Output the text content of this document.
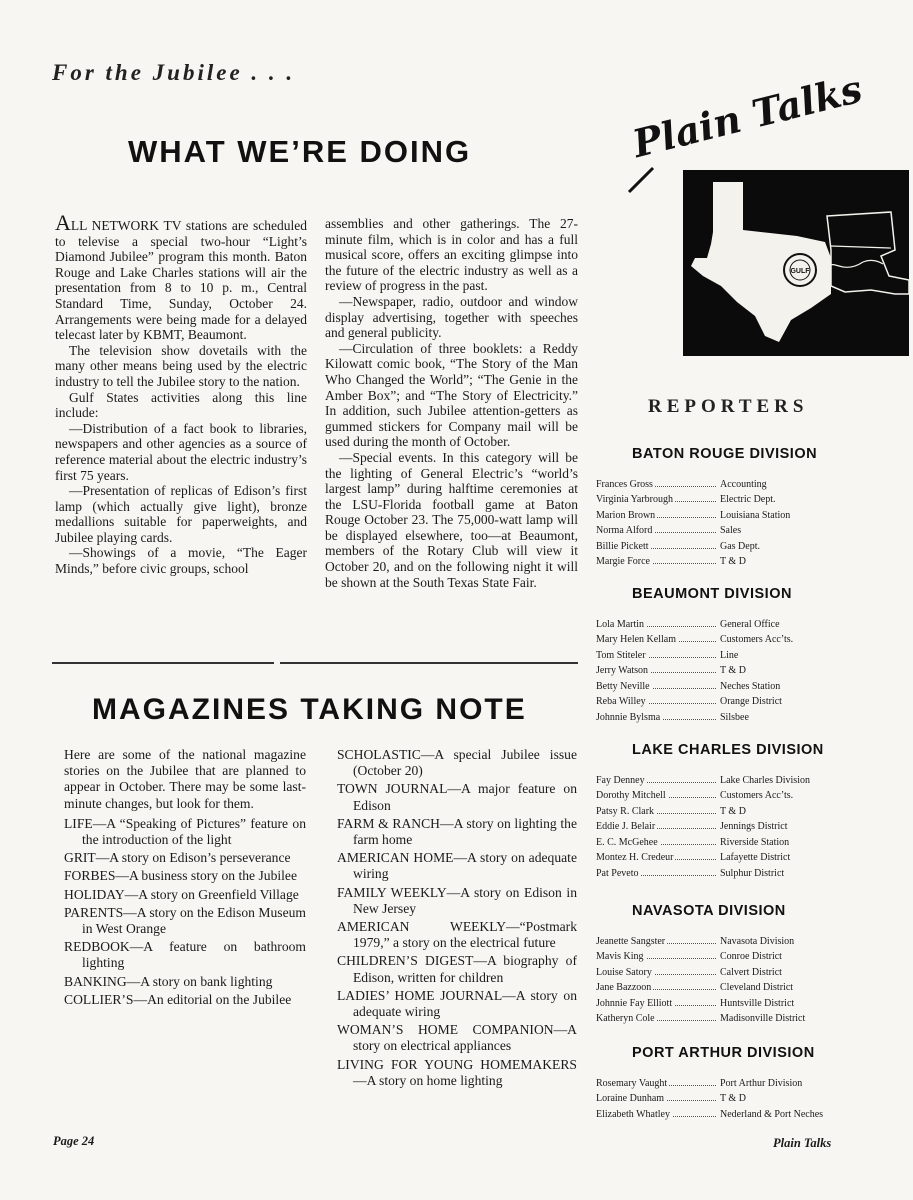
For the Jubilee . . .
WHAT WE’RE DOING

ALL NETWORK TV stations are scheduled to televise a special two-hour “Light’s Diamond Jubilee” program this month. Baton Rouge and Lake Charles stations will air the presentation from 8 to 10 p. m., Central Standard Time, Sunday, October 24. Arrangements were being made for a delayed telecast later by KBMT, Beaumont.

The television show dovetails with the many other means being used by the electric industry to tell the Jubilee story to the nation.

Gulf States activities along this line include:

—Distribution of a fact book to libraries, newspapers and other agencies as a source of reference material about the electric industry’s first 75 years.

—Presentation of replicas of Edison’s first lamp (which actually give light), bronze medallions suitable for paperweights, and Jubilee playing cards.

—Showings of a movie, “The Eager Minds,” before civic groups, school

assemblies and other gatherings. The 27-minute film, which is in color and has a full musical score, offers an exciting glimpse into the future of the electric industry as well as a review of progress in the past.

—Newspaper, radio, outdoor and window display advertising, together with speeches and general publicity.

—Circulation of three booklets: a Reddy Kilowatt comic book, “The Story of the Man Who Changed the World”; “The Genie in the Amber Box”; and “The Story of Electricity.” In addition, such Jubilee attention-getters as gummed stickers for Company mail will be used during the month of October.

—Special events. In this category will be the lighting of General Electric’s “world’s largest lamp” during halftime ceremonies at the LSU-Florida football game at Baton Rouge October 23. The 75,000-watt lamp will be displayed elsewhere, too—at Beaumont, members of the Rotary Club will view it October 20, and on the following night it will be shown at the South Texas State Fair.

MAGAZINES TAKING NOTE

Here are some of the national magazine stories on the Jubilee that are planned to appear in October. There may be some last-minute changes, but look for them.

LIFE—A “Speaking of Pictures” feature on the introduction of the light

GRIT—A story on Edison’s perseverance

FORBES—A business story on the Jubilee

HOLIDAY—A story on Greenfield Village

PARENTS—A story on the Edison Museum in West Orange

REDBOOK—A feature on bathroom lighting

BANKING—A story on bank lighting

COLLIER’S—An editorial on the Jubilee

SCHOLASTIC—A special Jubilee issue (October 20)

TOWN JOURNAL—A major feature on Edison

FARM & RANCH—A story on lighting the farm home

AMERICAN HOME—A story on adequate wiring

FAMILY WEEKLY—A story on Edison in New Jersey

AMERICAN WEEKLY—“Postmark 1979,” a story on the electrical future

CHILDREN’S DIGEST—A biography of Edison, written for children

LADIES’ HOME JOURNAL—A story on adequate wiring

WOMAN’S HOME COMPANION—A story on electrical appliances

LIVING FOR YOUNG HOMEMAKERS—A story on home lighting

GULF
Plain Talks
REPORTERS
BATON ROUGE DIVISION
Frances Gross	Accounting
Virginia Yarbrough	Electric Dept.
Marion Brown	Louisiana Station
Norma Alford	Sales
Billie Pickett	Gas Dept.
Margie Force	T & D
BEAUMONT DIVISION
Lola Martin	General Office
Mary Helen Kellam	Customers Acc’ts.
Tom Stiteler	Line
Jerry Watson	T & D
Betty Neville	Neches Station
Reba Willey	Orange District
Johnnie Bylsma	Silsbee
LAKE CHARLES DIVISION
Fay Denney	Lake Charles Division
Dorothy Mitchell	Customers Acc’ts.
Patsy R. Clark	T & D
Eddie J. Belair	Jennings District
E. C. McGehee	Riverside Station
Montez H. Credeur	Lafayette District
Pat Peveto	Sulphur District
NAVASOTA DIVISION
Jeanette Sangster	Navasota Division
Mavis King	Conroe District
Louise Satory	Calvert District
Jane Bazzoon	Cleveland District
Johnnie Fay Elliott	Huntsville District
Katheryn Cole	Madisonville District
PORT ARTHUR DIVISION
Rosemary Vaught	Port Arthur Division
Loraine Dunham	T & D
Elizabeth Whatley	Nederland & Port Neches
Page 24	Plain Talks
